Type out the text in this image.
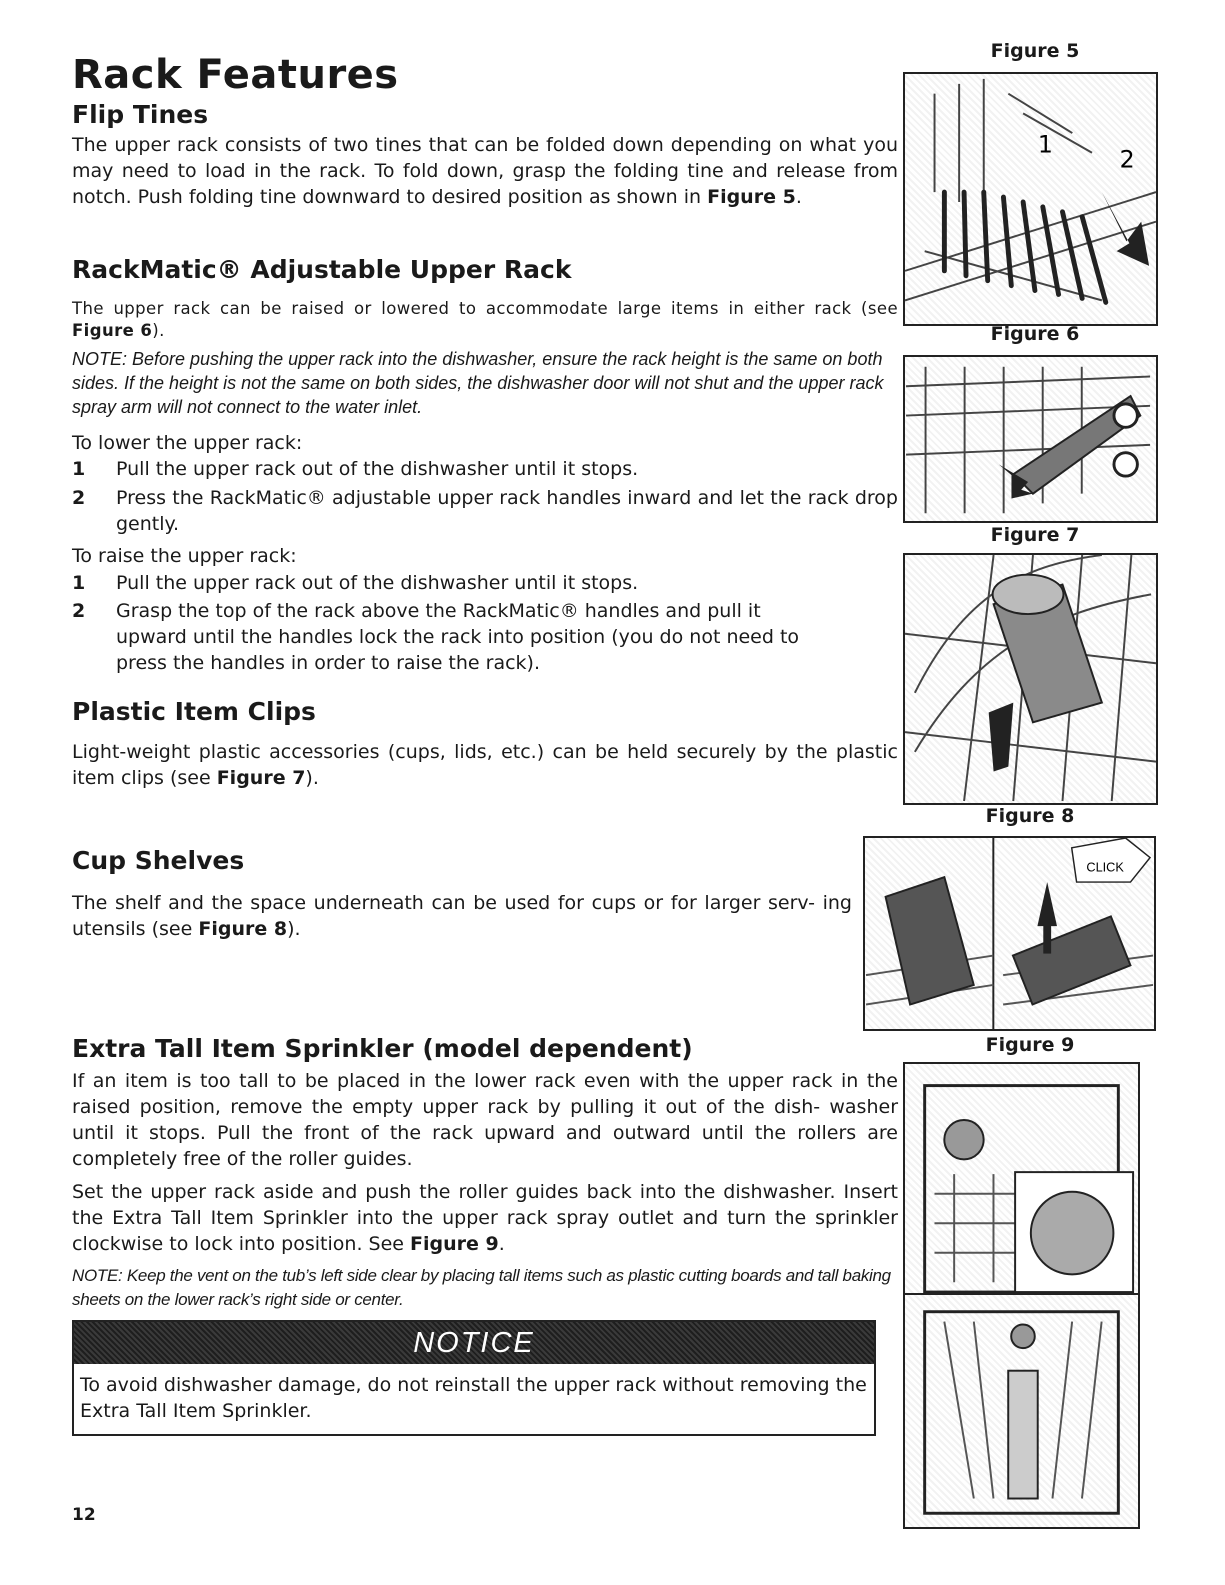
Rack Features
Flip Tines
The upper rack consists of two tines that can be folded down depending on what you may need to load in the rack. To fold down, grasp the folding tine and release from notch. Push folding tine downward to desired position as shown in Figure 5.
RackMatic® Adjustable Upper Rack
The upper rack can be raised or lowered to accommodate large items in either rack (see Figure 6).
NOTE: Before pushing the upper rack into the dishwasher, ensure the rack height is the same on both sides. If the height is not the same on both sides, the dishwasher door will not shut and the upper rack spray arm will not connect to the water inlet.
To lower the upper rack:
1 Pull the upper rack out of the dishwasher until it stops.
2 Press the RackMatic® adjustable upper rack handles inward and let the rack drop gently.
To raise the upper rack:
1 Pull the upper rack out of the dishwasher until it stops.
2 Grasp the top of the rack above the RackMatic® handles and pull it upward until the handles lock the rack into position (you do not need to press the handles in order to raise the rack).
Plastic Item Clips
Light-weight plastic accessories (cups, lids, etc.) can be held securely by the plastic item clips (see Figure 7).
Cup Shelves
The shelf and the space underneath can be used for cups or for larger serv- ing utensils (see Figure 8).
Extra Tall Item Sprinkler (model dependent)
If an item is too tall to be placed in the lower rack even with the upper rack in the raised position, remove the empty upper rack by pulling it out of the dish- washer until it stops. Pull the front of the rack upward and outward until the rollers are completely free of the roller guides.
Set the upper rack aside and push the roller guides back into the dishwasher. Insert the Extra Tall Item Sprinkler into the upper rack spray outlet and turn the sprinkler clockwise to lock into position. See Figure 9.
NOTE: Keep the vent on the tub’s left side clear by placing tall items such as plastic cutting boards and tall baking sheets on the lower rack’s right side or center.
NOTICE
To avoid dishwasher damage, do not reinstall the upper rack without removing the Extra Tall Item Sprinkler.
12
Figure 5
1
2
Figure 6
Figure 7
Figure 8
CLICK
Figure 9
